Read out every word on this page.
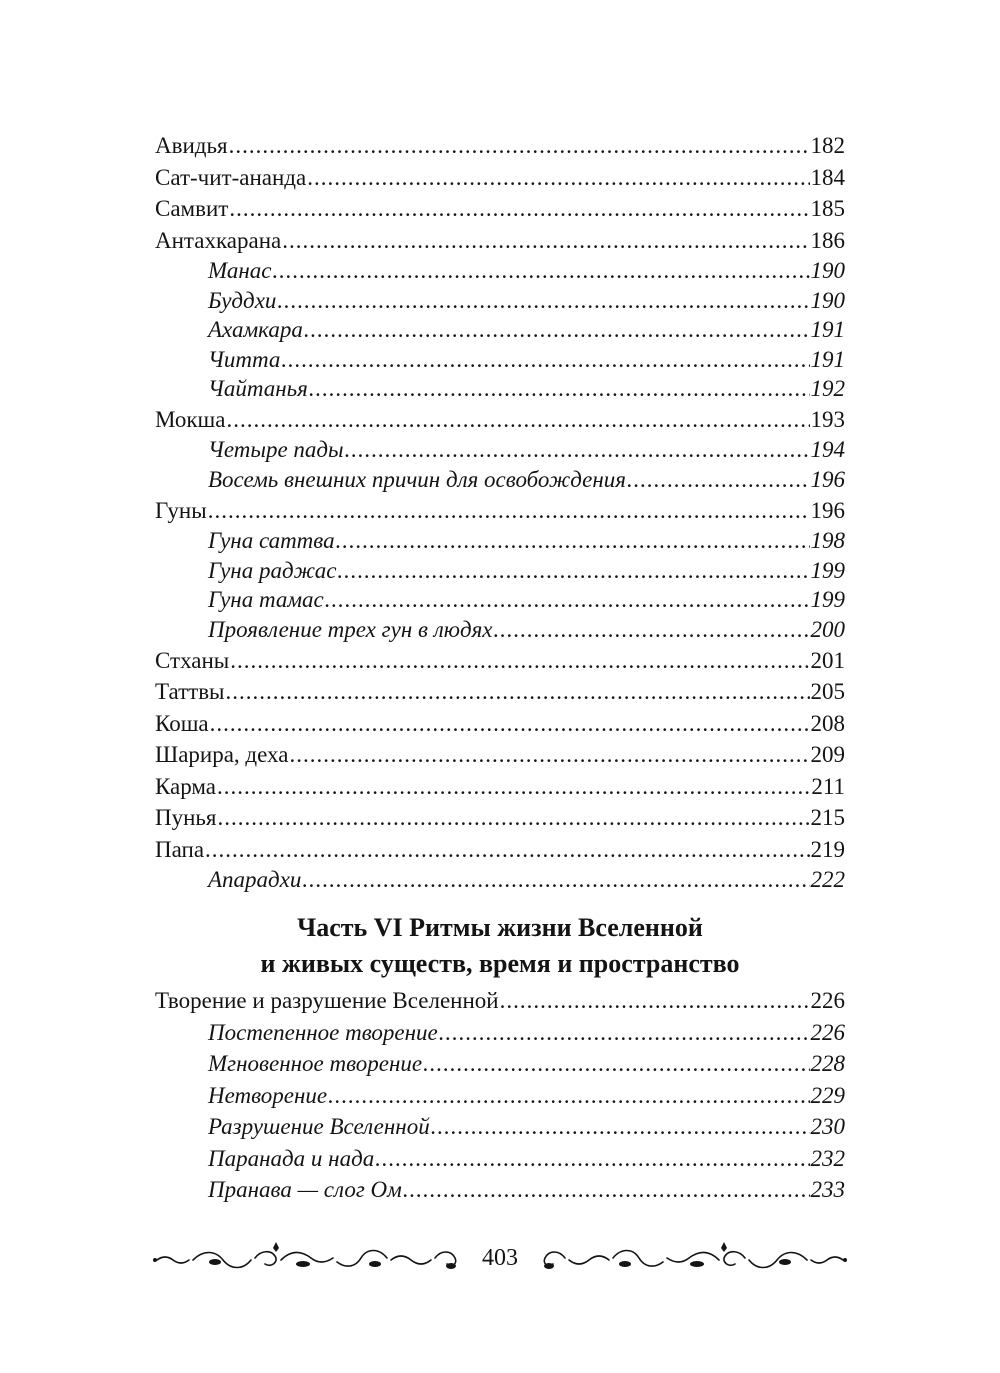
Авидья .....	182
Сат-чит-ананда .....	184
Самвит .....	185
Антахкарана .....	186
Манас .....	190
Буддхи .....	190
Ахамкара .....	191
Читта .....	191
Чайтанья .....	192
Мокша .....	193
Четыре пады .....	194
Восемь внешних причин для освобождения .....	196
Гуны .....	196
Гуна саттва .....	198
Гуна раджас .....	199
Гуна тамас .....	199
Проявление трех гун в людях .....	200
Стханы .....	201
Таттвы .....	205
Коша .....	208
Шарира, деха .....	209
Карма .....	211
Пунья .....	215
Папа .....	219
Апарадхи .....	222
Часть VI Ритмы жизни Вселенной
и живых существ, время и пространство
Творение и разрушение Вселенной .....	226
Постепенное творение .....	226
Мгновенное творение .....	228
Нетворение .....	229
Разрушение Вселенной .....	230
Паранада и нада .....	232
Пранава — слог Ом .....	233
403
